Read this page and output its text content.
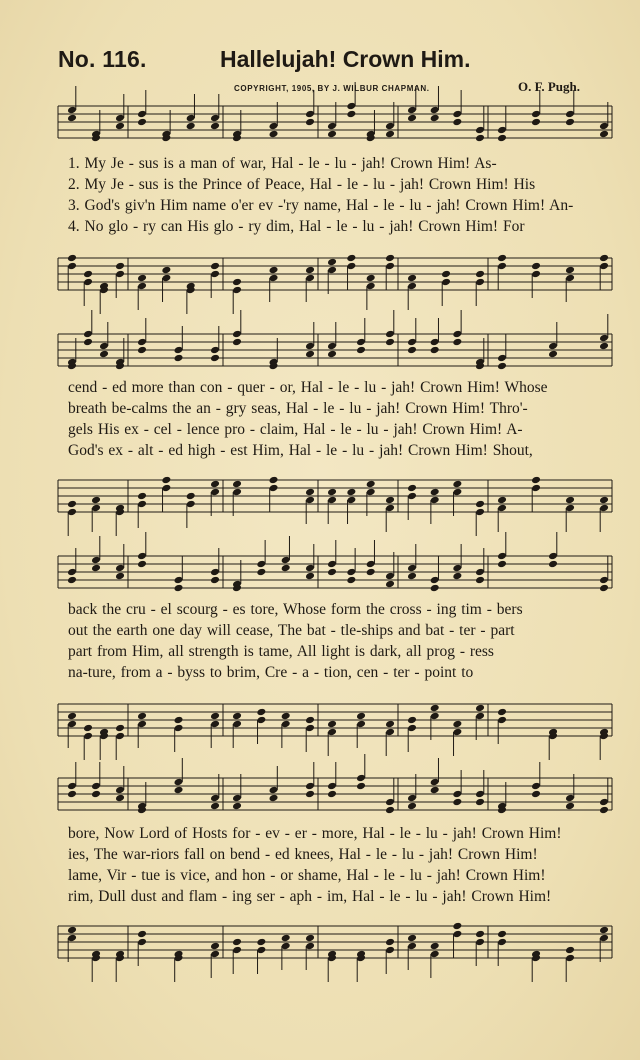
No. 116.	Hallelujah! Crown Him.
COPYRIGHT, 1905, BY J. WILBUR CHAPMAN.	O. F. Pugh.
1. My Je - sus is a man of war, Hal - le - lu - jah! Crown Him! As-
2. My Je - sus is the Prince of Peace, Hal - le - lu - jah! Crown Him! His
3. God's giv'n Him name o'er ev -'ry name, Hal - le - lu - jah! Crown Him! An-
4. No glo - ry can His glo - ry dim, Hal - le - lu - jah! Crown Him! For
cend - ed more than con - quer - or, Hal - le - lu - jah! Crown Him! Whose
breath be-calms the an - gry seas, Hal - le - lu - jah! Crown Him! Thro'-
gels His ex - cel - lence pro - claim, Hal - le - lu - jah! Crown Him! A-
God's ex - alt - ed high - est Him, Hal - le - lu - jah! Crown Him! Shout,
back the cru - el scourg - es tore, Whose form the cross - ing tim - bers
out the earth one day will cease, The bat - tle-ships and bat - ter - part
part from Him, all strength is tame, All light is dark, all prog - ress
na-ture, from a - byss to brim, Cre - a - tion, cen - ter - point to
bore, Now Lord of Hosts for - ev - er - more, Hal - le - lu - jah! Crown Him!
ies, The war-riors fall on bend - ed knees, Hal - le - lu - jah! Crown Him!
lame, Vir - tue is vice, and hon - or shame, Hal - le - lu - jah! Crown Him!
rim, Dull dust and flam - ing ser - aph - im, Hal - le - lu - jah! Crown Him!
